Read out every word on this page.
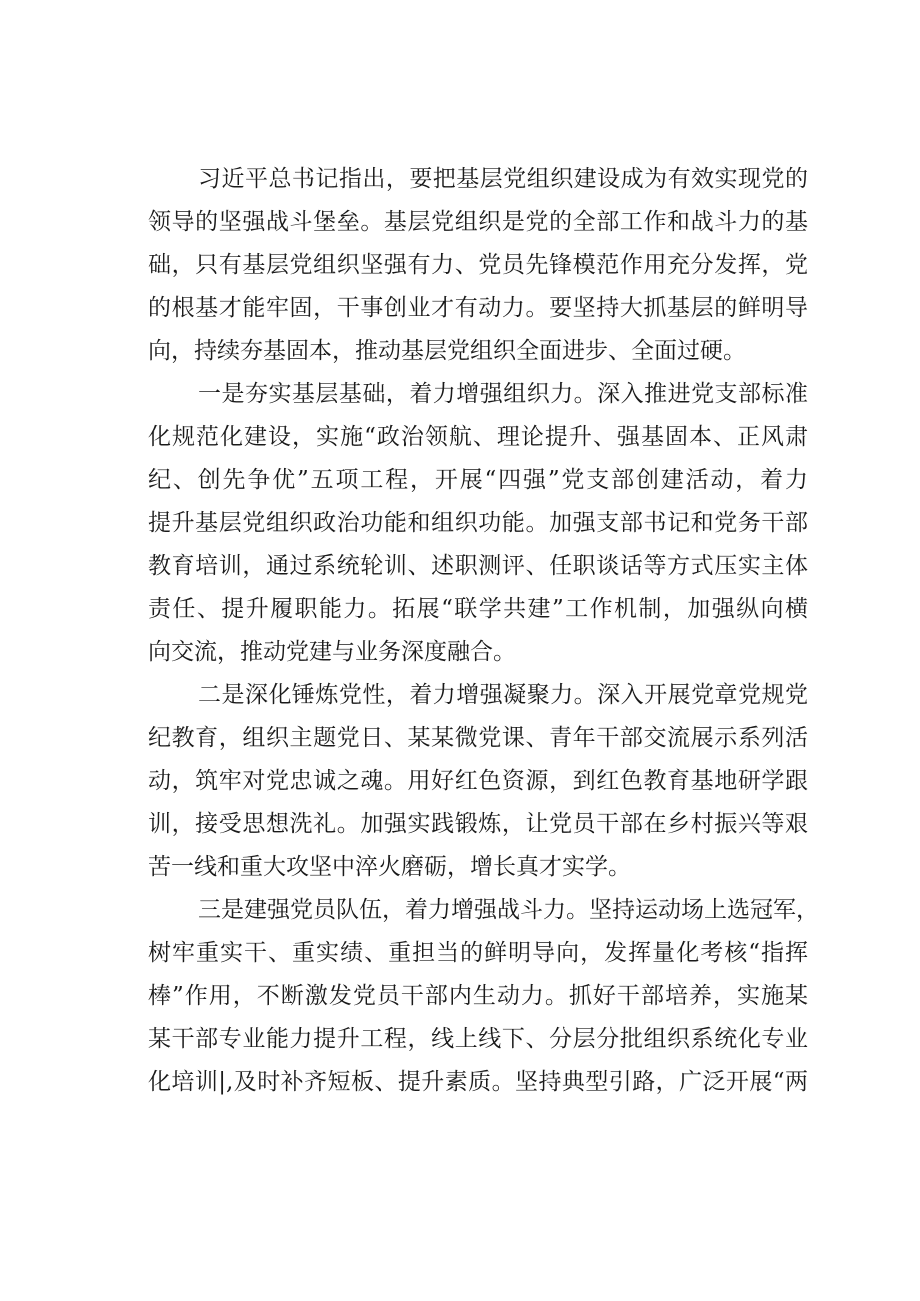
习近平总书记指出，要把基层党组织建设成为有效实现党的
领导的坚强战斗堡垒。基层党组织是党的全部工作和战斗力的基
础，只有基层党组织坚强有力、党员先锋模范作用充分发挥，党
的根基才能牢固，干事创业才有动力。要坚持大抓基层的鲜明导
向，持续夯基固本，推动基层党组织全面进步、全面过硬。
一是夯实基层基础，着力增强组织力。深入推进党支部标准
化规范化建设，实施“政治领航、理论提升、强基固本、正风肃
纪、创先争优”五项工程，开展“四强”党支部创建活动，着力
提升基层党组织政治功能和组织功能。加强支部书记和党务干部
教育培训，通过系统轮训、述职测评、任职谈话等方式压实主体
责任、提升履职能力。拓展“联学共建”工作机制，加强纵向横
向交流，推动党建与业务深度融合。
二是深化锤炼党性，着力增强凝聚力。深入开展党章党规党
纪教育，组织主题党日、某某微党课、青年干部交流展示系列活
动，筑牢对党忠诚之魂。用好红色资源，到红色教育基地研学跟
训，接受思想洗礼。加强实践锻炼，让党员干部在乡村振兴等艰
苦一线和重大攻坚中淬火磨砺，增长真才实学。
三是建强党员队伍，着力增强战斗力。坚持运动场上选冠军，
树牢重实干、重实绩、重担当的鲜明导向，发挥量化考核“指挥
棒”作用，不断激发党员干部内生动力。抓好干部培养，实施某
某干部专业能力提升工程，线上线下、分层分批组织系统化专业
化培训|,及时补齐短板、提升素质。坚持典型引路，广泛开展“两
